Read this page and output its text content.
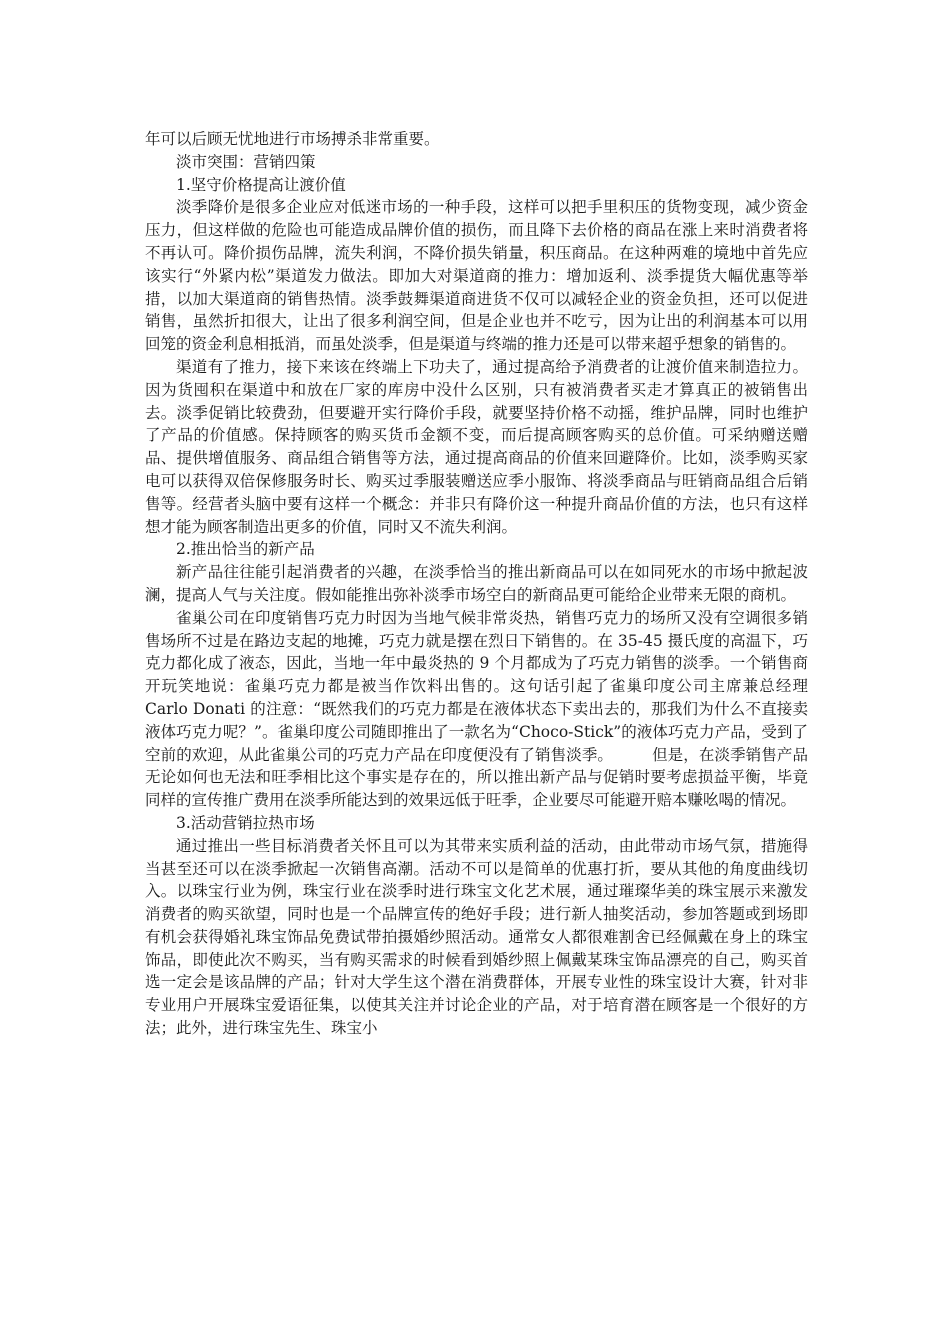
年可以后顾无忧地进行市场搏杀非常重要。

淡市突围：营销四策

1.坚守价格提高让渡价值

淡季降价是很多企业应对低迷市场的一种手段，这样可以把手里积压的货物变现，减少资金压力，但这样做的危险也可能造成品牌价值的损伤，而且降下去价格的商品在涨上来时消费者将不再认可。降价损伤品牌，流失利润，不降价损失销量，积压商品。在这种两难的境地中首先应该实行“外紧内松”渠道发力做法。即加大对渠道商的推力：增加返利、淡季提货大幅优惠等举措，以加大渠道商的销售热情。淡季鼓舞渠道商进货不仅可以减轻企业的资金负担，还可以促进销售，虽然折扣很大，让出了很多利润空间，但是企业也并不吃亏，因为让出的利润基本可以用回笼的资金利息相抵消，而虽处淡季，但是渠道与终端的推力还是可以带来超乎想象的销售的。

渠道有了推力，接下来该在终端上下功夫了，通过提高给予消费者的让渡价值来制造拉力。因为货囤积在渠道中和放在厂家的库房中没什么区别，只有被消费者买走才算真正的被销售出去。淡季促销比较费劲，但要避开实行降价手段，就要坚持价格不动摇，维护品牌，同时也维护了产品的价值感。保持顾客的购买货币金额不变，而后提高顾客购买的总价值。可采纳赠送赠品、提供增值服务、商品组合销售等方法，通过提高商品的价值来回避降价。比如，淡季购买家电可以获得双倍保修服务时长、购买过季服装赠送应季小服饰、将淡季商品与旺销商品组合后销售等。经营者头脑中要有这样一个概念：并非只有降价这一种提升商品价值的方法，也只有这样想才能为顾客制造出更多的价值，同时又不流失利润。

2.推出恰当的新产品

新产品往往能引起消费者的兴趣，在淡季恰当的推出新商品可以在如同死水的市场中掀起波澜，提高人气与关注度。假如能推出弥补淡季市场空白的新商品更可能给企业带来无限的商机。

雀巢公司在印度销售巧克力时因为当地气候非常炎热，销售巧克力的场所又没有空调很多销售场所不过是在路边支起的地摊，巧克力就是摆在烈日下销售的。在 35-45 摄氏度的高温下，巧克力都化成了液态，因此，当地一年中最炎热的 9 个月都成为了巧克力销售的淡季。一个销售商开玩笑地说：雀巢巧克力都是被当作饮料出售的。这句话引起了雀巢印度公司主席兼总经理 Carlo Donati 的注意：“既然我们的巧克力都是在液体状态下卖出去的，那我们为什么不直接卖液体巧克力呢？”。雀巢印度公司随即推出了一款名为“Choco-Stick”的液体巧克力产品，受到了空前的欢迎，从此雀巢公司的巧克力产品在印度便没有了销售淡季。　　　但是，在淡季销售产品无论如何也无法和旺季相比这个事实是存在的，所以推出新产品与促销时要考虑损益平衡，毕竟同样的宣传推广费用在淡季所能达到的效果远低于旺季，企业要尽可能避开赔本赚吆喝的情况。

3.活动营销拉热市场

通过推出一些目标消费者关怀且可以为其带来实质利益的活动，由此带动市场气氛，措施得当甚至还可以在淡季掀起一次销售高潮。活动不可以是简单的优惠打折，要从其他的角度曲线切入。以珠宝行业为例，珠宝行业在淡季时进行珠宝文化艺术展，通过璀璨华美的珠宝展示来激发消费者的购买欲望，同时也是一个品牌宣传的绝好手段；进行新人抽奖活动，参加答题或到场即有机会获得婚礼珠宝饰品免费试带拍摄婚纱照活动。通常女人都很难割舍已经佩戴在身上的珠宝饰品，即使此次不购买，当有购买需求的时候看到婚纱照上佩戴某珠宝饰品漂亮的自己，购买首选一定会是该品牌的产品；针对大学生这个潜在消费群体，开展专业性的珠宝设计大赛，针对非专业用户开展珠宝爱语征集，以使其关注并讨论企业的产品，对于培育潜在顾客是一个很好的方法；此外，进行珠宝先生、珠宝小
